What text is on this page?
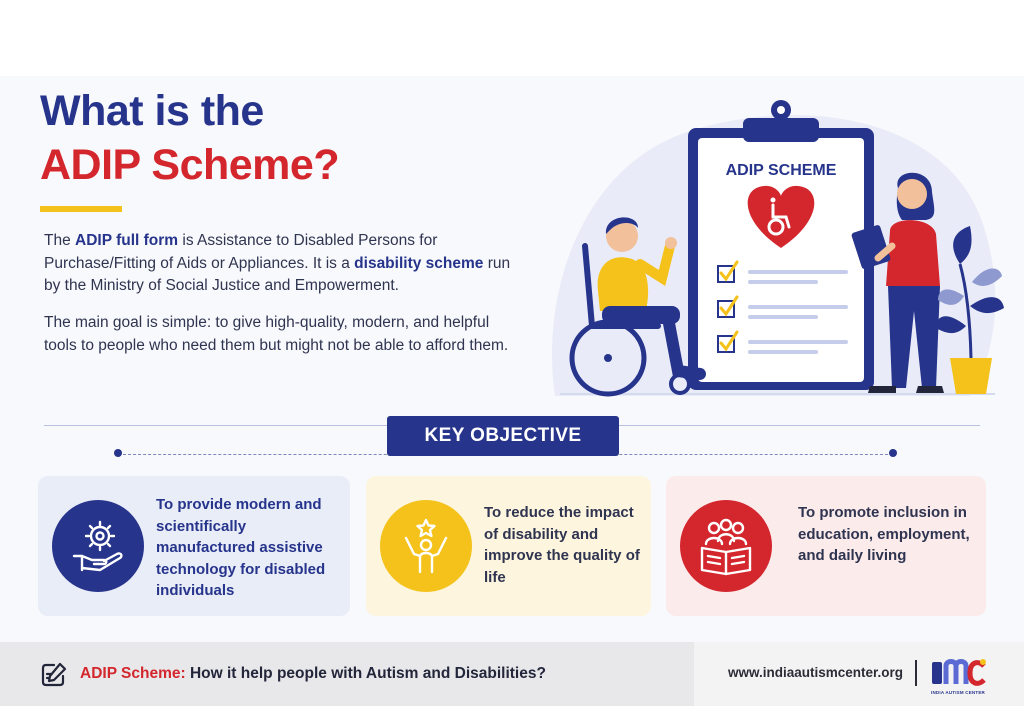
What is the
ADIP Scheme?

The ADIP full form is Assistance to Disabled Persons for Purchase/Fitting of Aids or Appliances. It is a disability scheme run by the Ministry of Social Justice and Empowerment.

The main goal is simple: to give high-quality, modern, and helpful tools to people who need them but might not be able to afford them.

ADIP SCHEME
KEY OBJECTIVE
To provide modern and scientifically manufactured assistive technology for disabled individuals
To reduce the impact of disability and improve the quality of life
To promote inclusion in education, employment, and daily living
ADIP Scheme: How it help people with Autism and Disabilities?	www.indiaautismcenter.org
INDIA AUTISM CENTER
